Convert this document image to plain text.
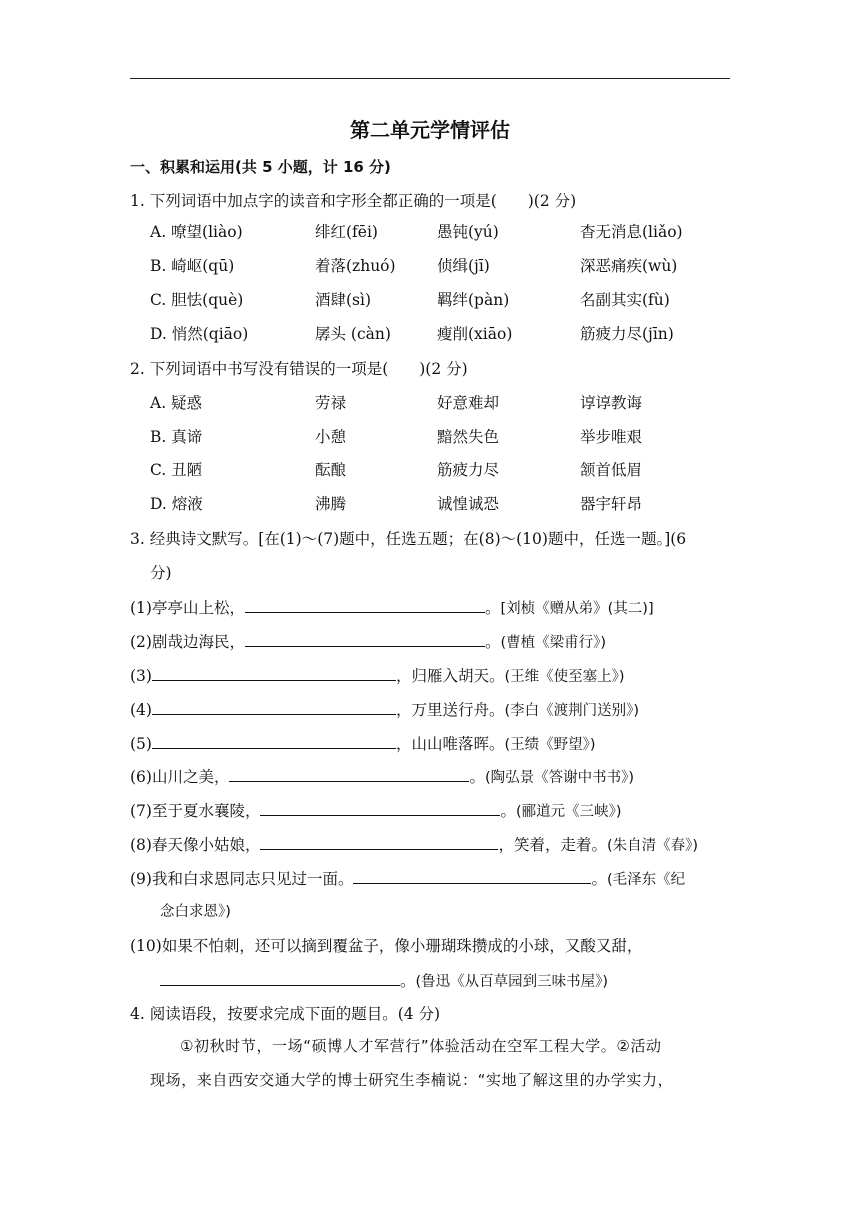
第二单元学情评估
一、积累和运用(共 5 小题，计 16 分)
1. 下列词语中加点字的读音和字形全都正确的一项是(　　)(2 分)
A. 嘹望(liào)	绯红(fēi)	愚钝(yú)	杳无消息(liǎo)
B. 崎岖(qū)	着落(zhuó)	侦缉(jī)	深恶痛疾(wù)
C. 胆怯(què)	酒肆(sì)	羁绊(pàn)	名副其实(fù)
D. 悄然(qiāo)	孱头 (càn)	瘦削(xiāo)	筋疲力尽(jīn)
2. 下列词语中书写没有错误的一项是(　　)(2 分)
A. 疑惑	劳禄	好意难却	谆谆教诲
B. 真谛	小憩	黯然失色	举步唯艰
C. 丑陋	酝酿	筋疲力尽	颔首低眉
D. 熔液	沸腾	诚惶诚恐	器宇轩昂
3. 经典诗文默写。[在(1)～(7)题中，任选五题；在(8)～(10)题中，任选一题。](6
分)
(1)亭亭山上松，	。[刘桢《赠从弟》(其二)]
(2)剧哉边海民，	。(曹植《梁甫行》)
(3)	，归雁入胡天。(王维《使至塞上》)
(4)	，万里送行舟。(李白《渡荆门送别》)
(5)	，山山唯落晖。(王绩《野望》)
(6)山川之美，	。(陶弘景《答谢中书书》)
(7)至于夏水襄陵，	。(郦道元《三峡》)
(8)春天像小姑娘，	，笑着，走着。(朱自清《春》)
(9)我和白求恩同志只见过一面。	。(毛泽东《纪
念白求恩》)
(10)如果不怕刺，还可以摘到覆盆子，像小珊瑚珠攒成的小球，又酸又甜，
。(鲁迅《从百草园到三味书屋》)
4. 阅读语段，按要求完成下面的题目。(4 分)
①初秋时节，一场“硕博人才军营行”体验活动在空军工程大学。②活动
现场，来自西安交通大学的博士研究生李楠说：“实地了解这里的办学实力，
